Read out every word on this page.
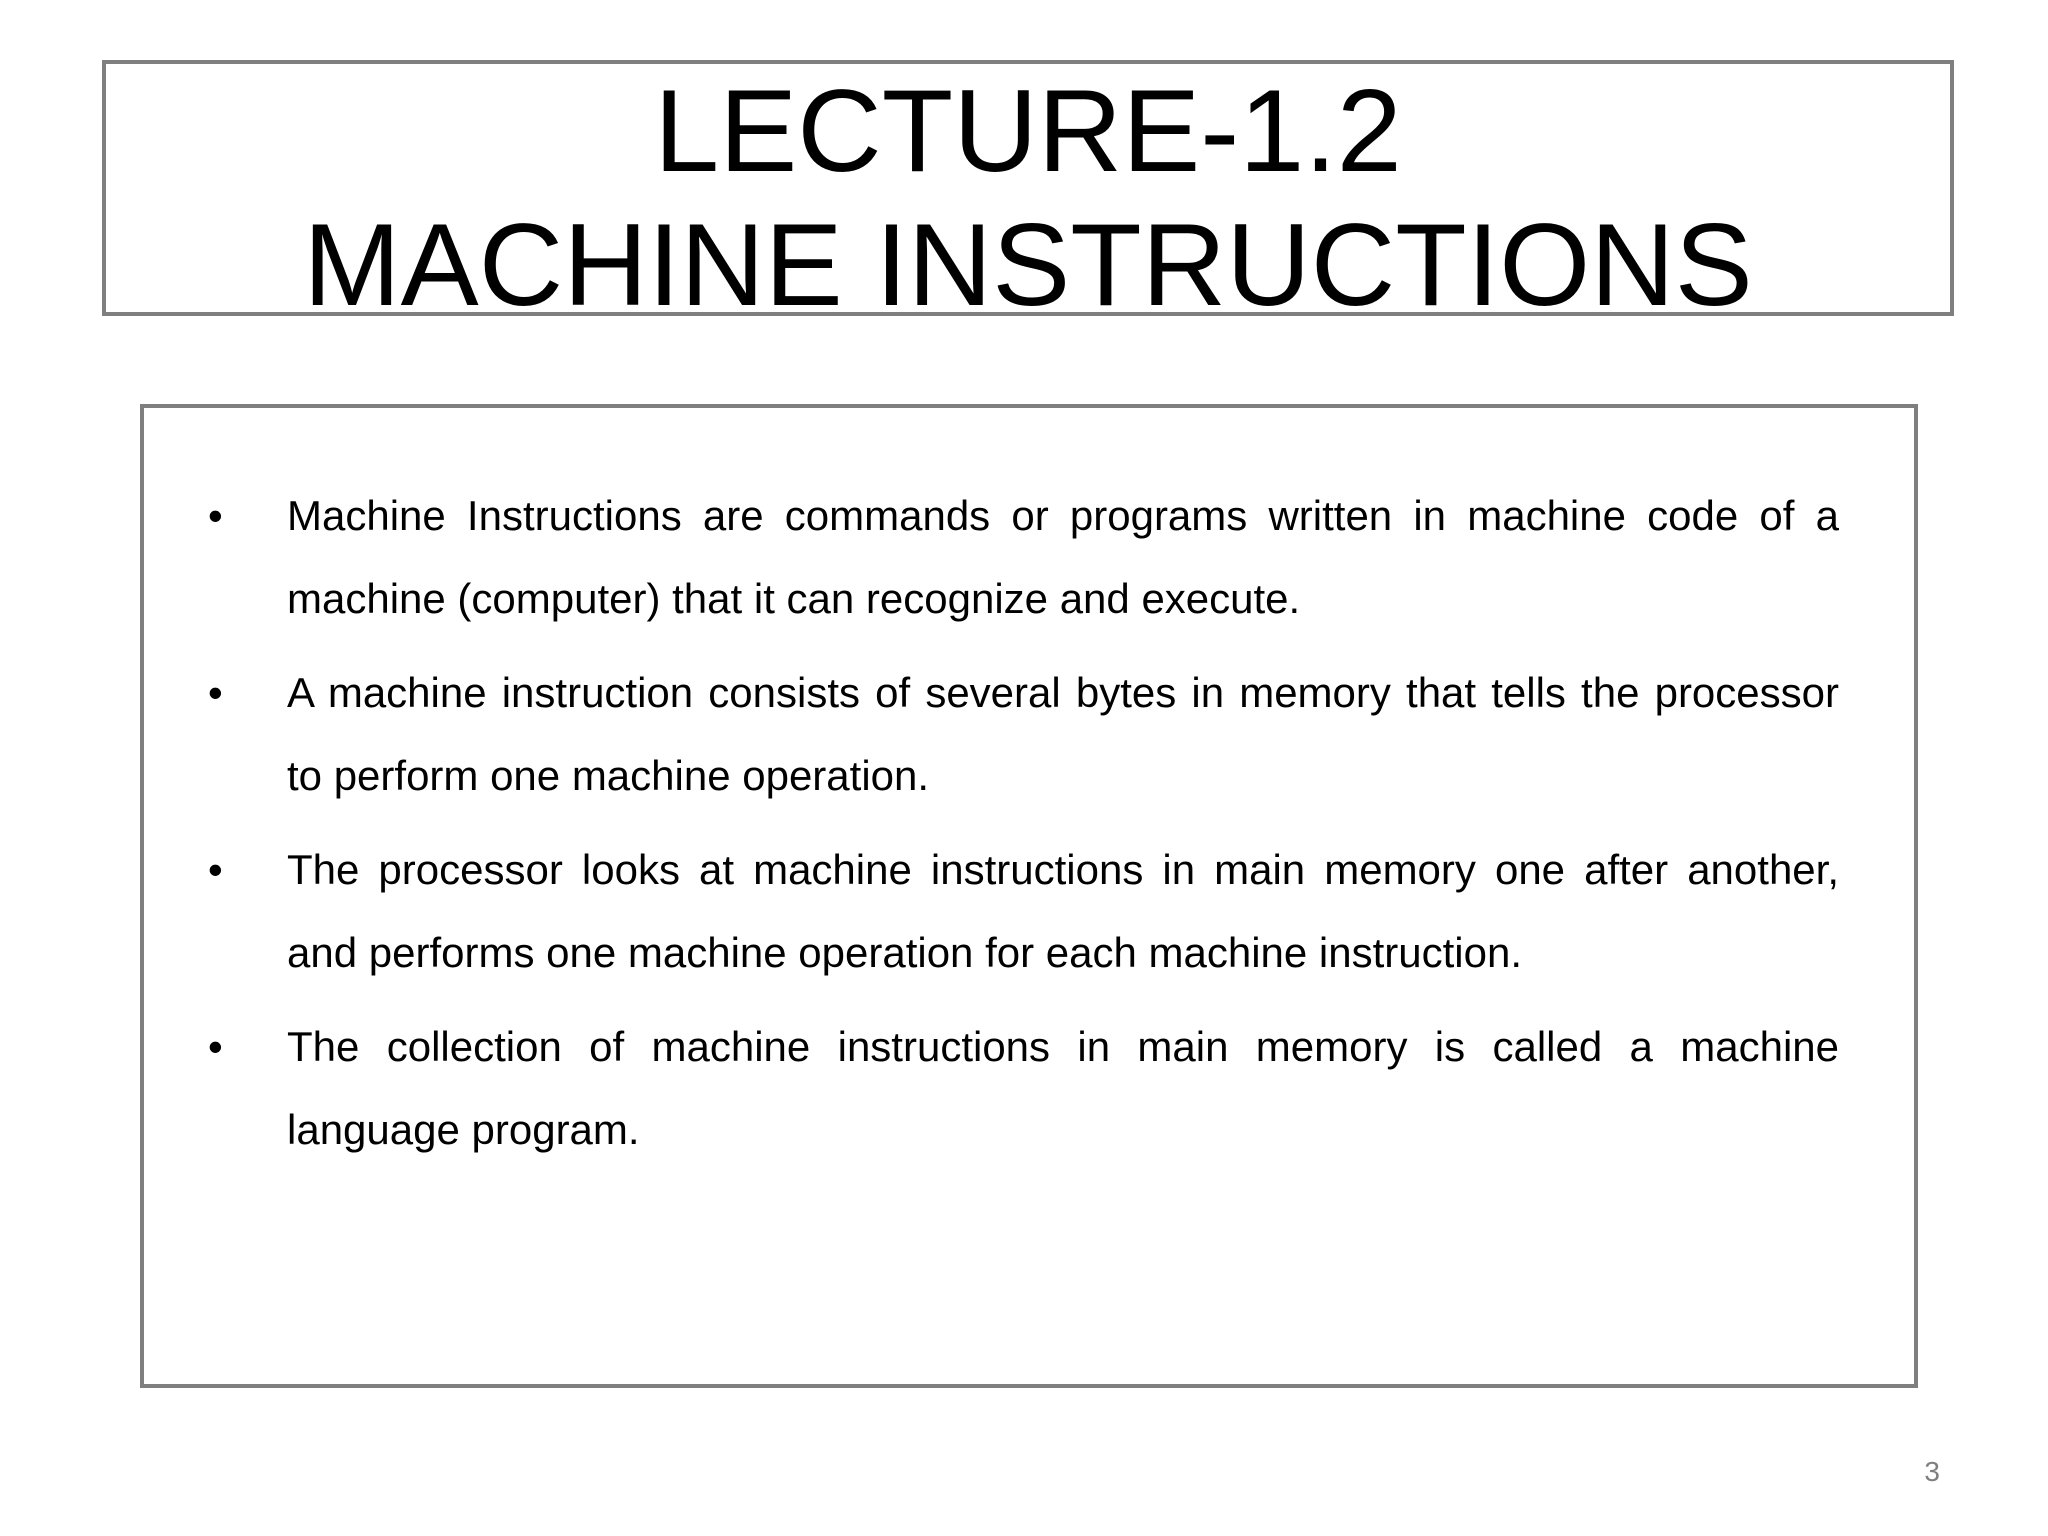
LECTURE-1.2
MACHINE INSTRUCTIONS
• Machine Instructions are commands or programs written in machine code of a machine (computer) that it can recognize and execute.
• A machine instruction consists of several bytes in memory that tells the processor to perform one machine operation.
• The processor looks at machine instructions in main memory one after another, and performs one machine operation for each machine instruction.
• The collection of machine instructions in main memory is called a machine language program.
3
